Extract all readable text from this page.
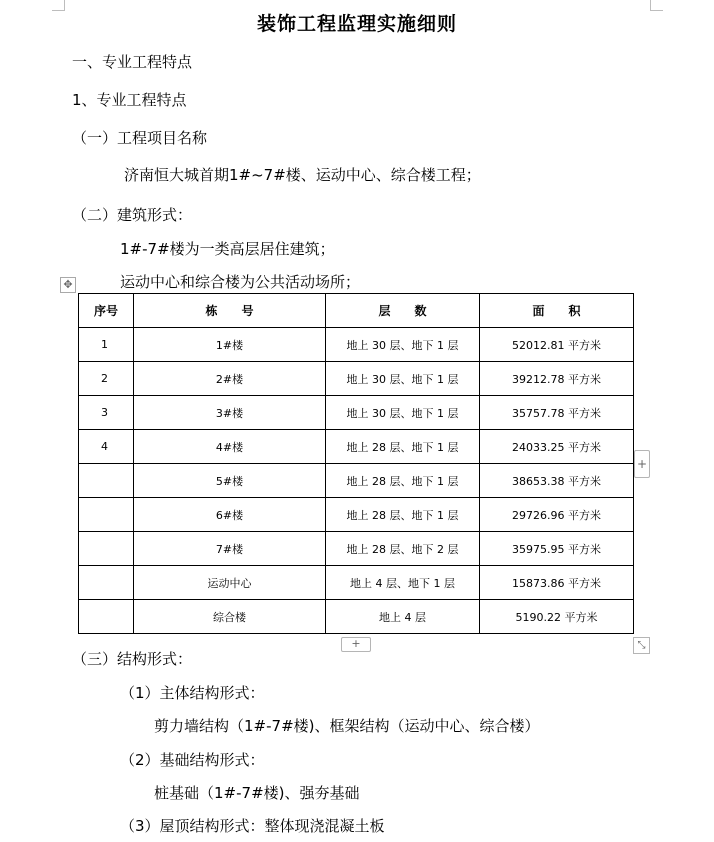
装饰工程监理实施细则
一、专业工程特点
1、专业工程特点
（一）工程项目名称
济南恒大城首期1#~7#楼、运动中心、综合楼工程；
（二）建筑形式：
1#-7#楼为一类高层居住建筑；
运动中心和综合楼为公共活动场所；
✥
序号	栋　　号	层　　数	面　　积
1	1#楼	地上 30 层、地下 1 层	52012.81 平方米
2	2#楼	地上 30 层、地下 1 层	39212.78 平方米
3	3#楼	地上 30 层、地下 1 层	35757.78 平方米
4	4#楼	地上 28 层、地下 1 层	24033.25 平方米
	5#楼	地上 28 层、地下 1 层	38653.38 平方米
	6#楼	地上 28 层、地下 1 层	29726.96 平方米
	7#楼	地上 28 层、地下 2 层	35975.95 平方米
	运动中心	地上 4 层、地下 1 层	15873.86 平方米
	综合楼	地上 4 层	5190.22 平方米
+
+	⤡
（三）结构形式：
（1）主体结构形式：
剪力墙结构（1#-7#楼)、框架结构（运动中心、综合楼）
（2）基础结构形式：
桩基础（1#-7#楼)、强夯基础
（3）屋顶结构形式：整体现浇混凝土板
